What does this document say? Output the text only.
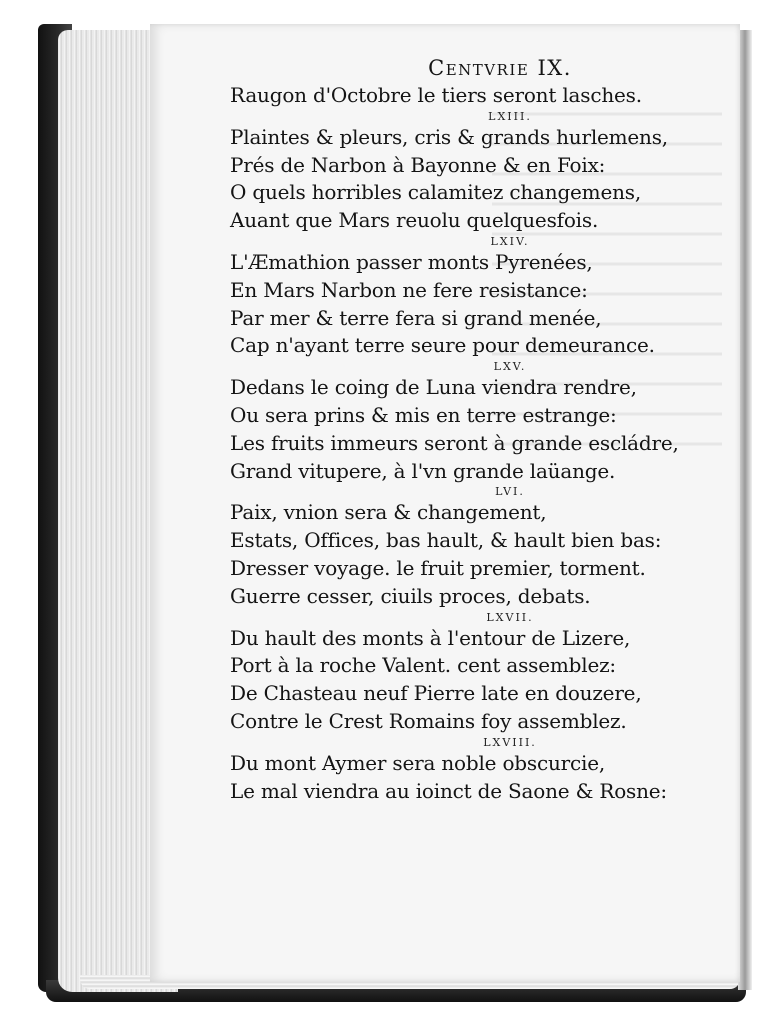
Centvrie IX.
Raugon d'Octobre le tiers seront lasches.
LXIII.
Plaintes & pleurs, cris & grands hurlemens,
Prés de Narbon à Bayonne & en Foix:
O quels horribles calamitez changemens,
Auant que Mars reuolu quelquesfois.
LXIV.
L'Æmathion passer monts Pyrenées,
En Mars Narbon ne fere resistance:
Par mer & terre fera si grand menée,
Cap n'ayant terre seure pour demeurance.
LXV.
Dedans le coing de Luna viendra rendre,
Ou sera prins & mis en terre estrange:
Les fruits immeurs seront à grande escládre,
Grand vitupere, à l'vn grande laüange.
LVI.
Paix, vnion sera & changement,
Estats, Offices, bas hault, & hault bien bas:
Dresser voyage. le fruit premier, torment.
Guerre cesser, ciuils proces, debats.
LXVII.
Du hault des monts à l'entour de Lizere,
Port à la roche Valent. cent assemblez:
De Chasteau neuf Pierre late en douzere,
Contre le Crest Romains foy assemblez.
LXVIII.
Du mont Aymer sera noble obscurcie,
Le mal viendra au ioinct de Saone & Rosne:
